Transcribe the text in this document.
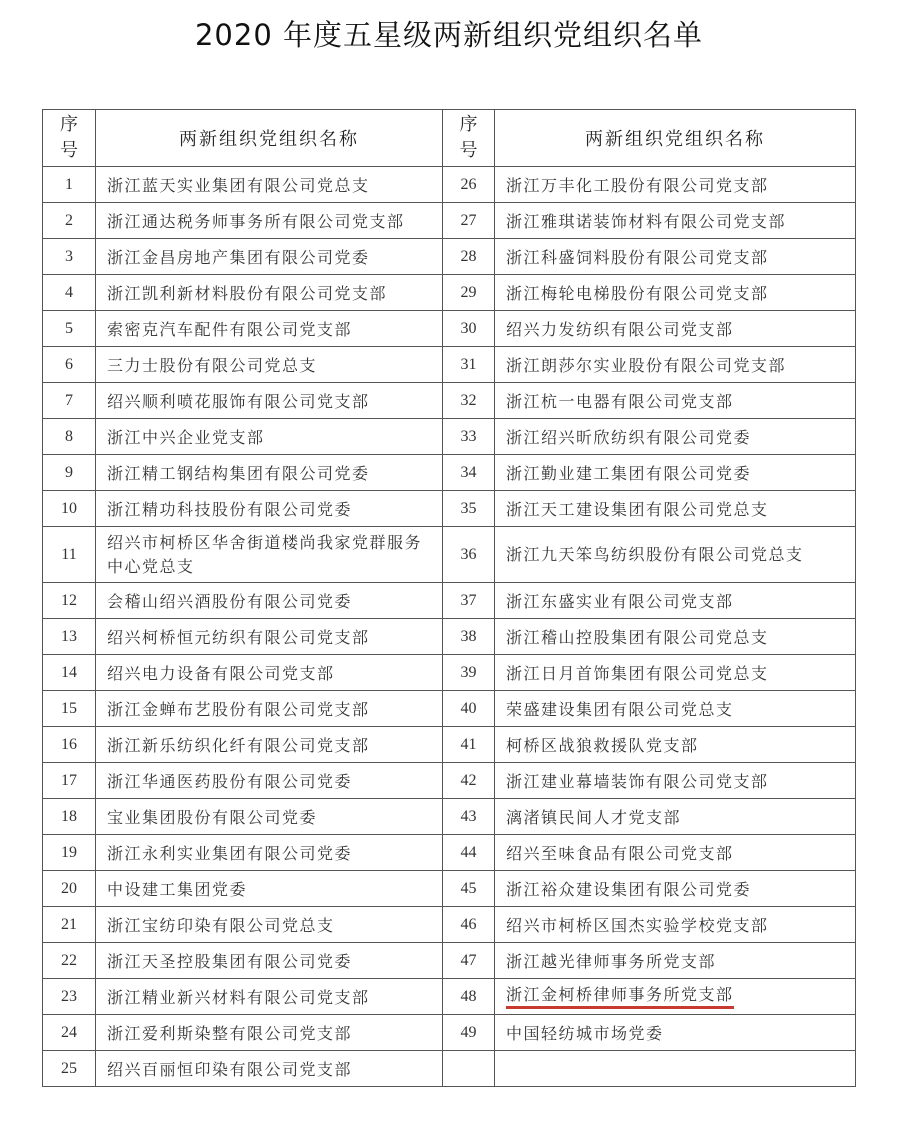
2020 年度五星级两新组织党组织名单
序
号	两新组织党组织名称	序
号	两新组织党组织名称
1	浙江蓝天实业集团有限公司党总支	26	浙江万丰化工股份有限公司党支部
2	浙江通达税务师事务所有限公司党支部	27	浙江雅琪诺装饰材料有限公司党支部
3	浙江金昌房地产集团有限公司党委	28	浙江科盛饲料股份有限公司党支部
4	浙江凯利新材料股份有限公司党支部	29	浙江梅轮电梯股份有限公司党支部
5	索密克汽车配件有限公司党支部	30	绍兴力发纺织有限公司党支部
6	三力士股份有限公司党总支	31	浙江朗莎尔实业股份有限公司党支部
7	绍兴顺利喷花服饰有限公司党支部	32	浙江杭一电器有限公司党支部
8	浙江中兴企业党支部	33	浙江绍兴昕欣纺织有限公司党委
9	浙江精工钢结构集团有限公司党委	34	浙江勤业建工集团有限公司党委
10	浙江精功科技股份有限公司党委	35	浙江天工建设集团有限公司党总支
11	绍兴市柯桥区华舍街道楼尚我家党群服务中心党总支	36	浙江九天笨鸟纺织股份有限公司党总支
12	会稽山绍兴酒股份有限公司党委	37	浙江东盛实业有限公司党支部
13	绍兴柯桥恒元纺织有限公司党支部	38	浙江稽山控股集团有限公司党总支
14	绍兴电力设备有限公司党支部	39	浙江日月首饰集团有限公司党总支
15	浙江金蝉布艺股份有限公司党支部	40	荣盛建设集团有限公司党总支
16	浙江新乐纺织化纤有限公司党支部	41	柯桥区战狼救援队党支部
17	浙江华通医药股份有限公司党委	42	浙江建业幕墙装饰有限公司党支部
18	宝业集团股份有限公司党委	43	漓渚镇民间人才党支部
19	浙江永利实业集团有限公司党委	44	绍兴至味食品有限公司党支部
20	中设建工集团党委	45	浙江裕众建设集团有限公司党委
21	浙江宝纺印染有限公司党总支	46	绍兴市柯桥区国杰实验学校党支部
22	浙江天圣控股集团有限公司党委	47	浙江越光律师事务所党支部
23	浙江精业新兴材料有限公司党支部	48	浙江金柯桥律师事务所党支部
24	浙江爱利斯染整有限公司党支部	49	中国轻纺城市场党委
25	绍兴百丽恒印染有限公司党支部		
